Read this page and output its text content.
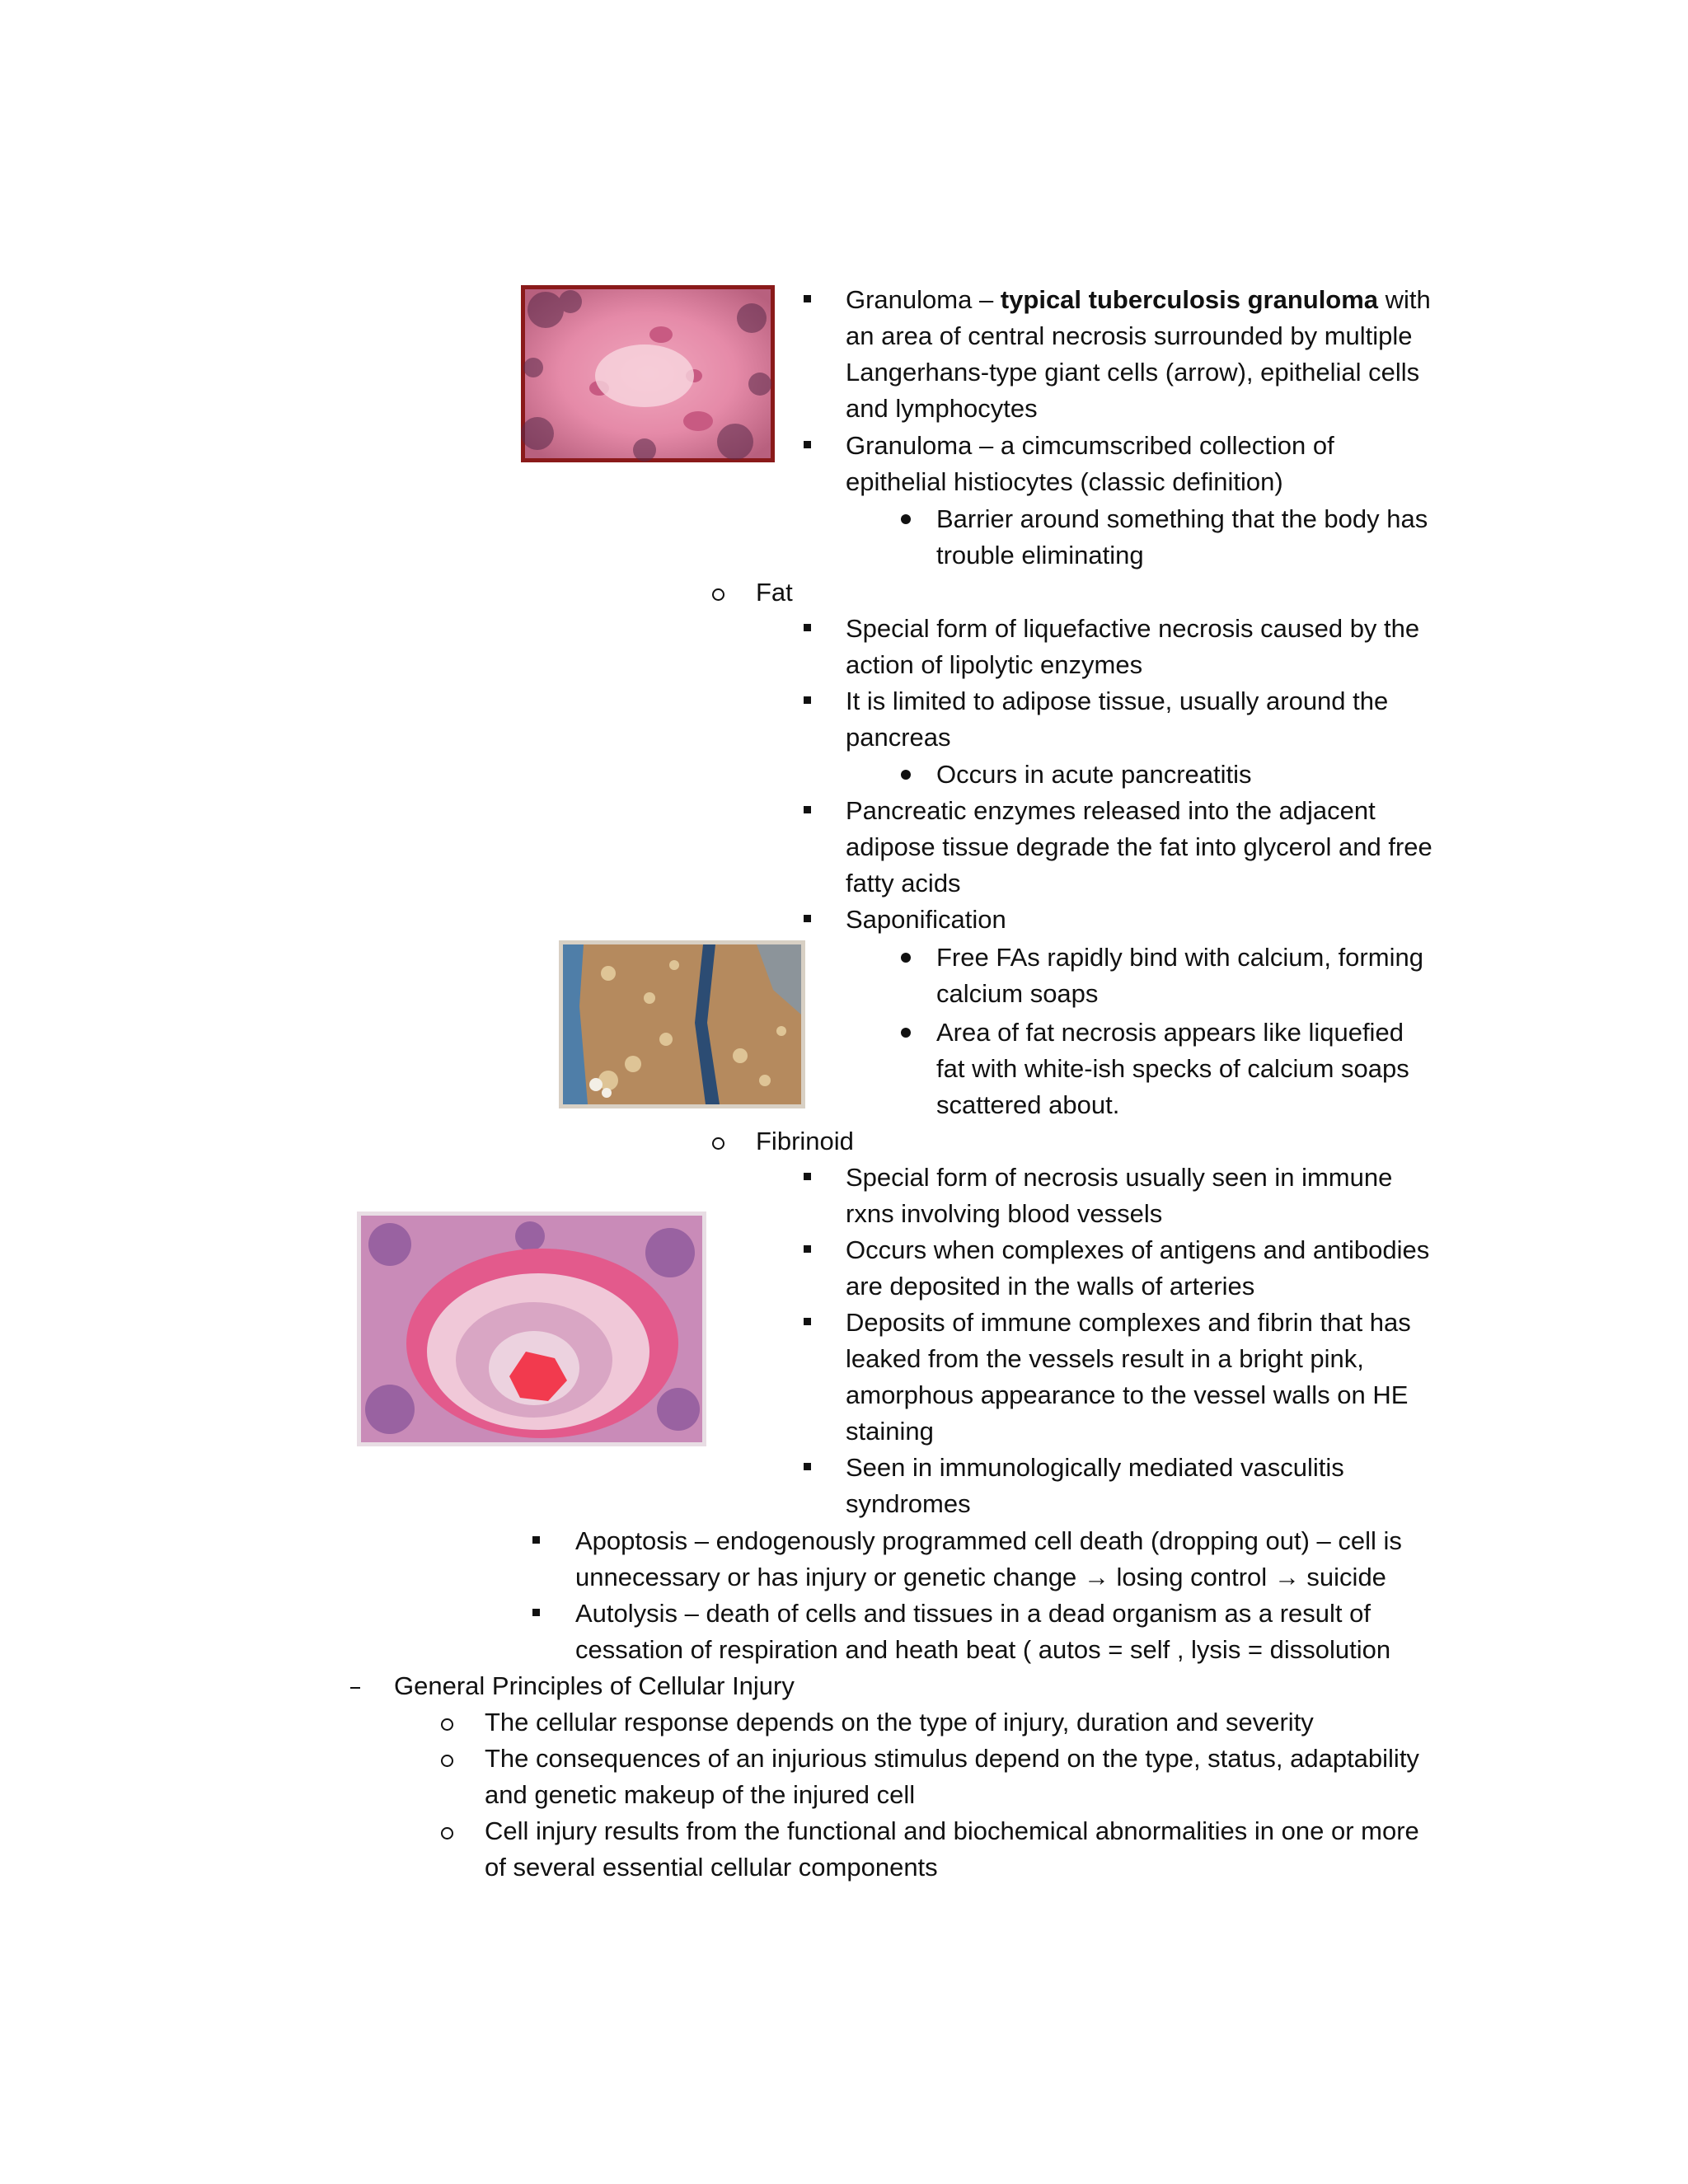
Granuloma – typical tuberculosis granuloma with
an area of central necrosis surrounded by multiple
Langerhans-type giant cells (arrow), epithelial cells
and lymphocytes
Granuloma – a cimcumscribed collection of
epithelial histiocytes (classic definition)
Barrier around something that the body has
trouble eliminating
Fat
Special form of liquefactive necrosis caused by the
action of lipolytic enzymes
It is limited to adipose tissue, usually around the
pancreas
Occurs in acute pancreatitis
Pancreatic enzymes released into the adjacent
adipose tissue degrade the fat into glycerol and free
fatty acids
Saponification
Free FAs rapidly bind with calcium, forming
calcium soaps
Area of fat necrosis appears like liquefied
fat with white-ish specks of calcium soaps
scattered about.
Fibrinoid
Special form of necrosis usually seen in immune
rxns involving blood vessels
Occurs when complexes of antigens and antibodies
are deposited in the walls of arteries
Deposits of immune complexes and fibrin that has
leaked from the vessels result in a bright pink,
amorphous appearance to the vessel walls on HE
staining
Seen in immunologically mediated vasculitis
syndromes
Apoptosis – endogenously programmed cell death (dropping out) – cell is
unnecessary or has injury or genetic change → losing control → suicide
Autolysis – death of cells and tissues in a dead organism as a result of
cessation of respiration and heath beat ( autos = self , lysis = dissolution
General Principles of Cellular Injury
The cellular response depends on the type of injury, duration and severity
The consequences of an injurious stimulus depend on the type, status, adaptability
and genetic makeup of the injured cell
Cell injury results from the functional and biochemical abnormalities in one or more
of several essential cellular components
